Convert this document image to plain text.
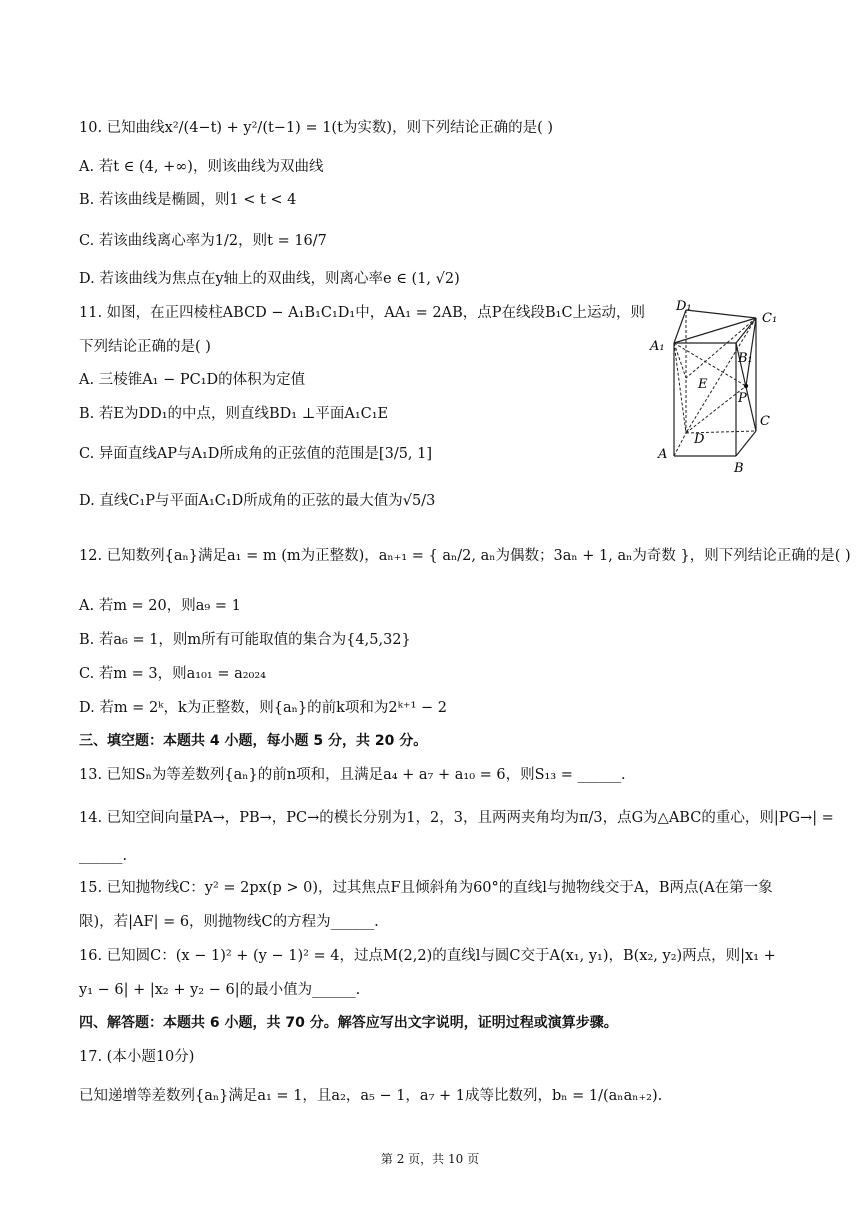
10. 已知曲线x²/(4−t) + y²/(t−1) = 1(t为实数)，则下列结论正确的是( )
A. 若t ∈ (4, +∞)，则该曲线为双曲线
B. 若该曲线是椭圆，则1 < t < 4
C. 若该曲线离心率为1/2，则t = 16/7
D. 若该曲线为焦点在y轴上的双曲线，则离心率e ∈ (1, √2)
11. 如图，在正四棱柱ABCD − A₁B₁C₁D₁中，AA₁ = 2AB，点P在线段B₁C上运动，则
下列结论正确的是( )
A. 三棱锥A₁ − PC₁D的体积为定值
B. 若E为DD₁的中点，则直线BD₁ ⊥平面A₁C₁E
C. 异面直线AP与A₁D所成角的正弦值的范围是[3/5, 1]
D. 直线C₁P与平面A₁C₁D所成角的正弦的最大值为√5/3
12. 已知数列{aₙ}满足a₁ = m (m为正整数)，aₙ₊₁ = { aₙ/2, aₙ为偶数；3aₙ + 1, aₙ为奇数 }，则下列结论正确的是( )
A. 若m = 20，则a₉ = 1
B. 若a₆ = 1，则m所有可能取值的集合为{4,5,32}
C. 若m = 3，则a₁₀₁ = a₂₀₂₄
D. 若m = 2ᵏ，k为正整数，则{aₙ}的前k项和为2ᵏ⁺¹ − 2
三、填空题：本题共 4 小题，每小题 5 分，共 20 分。
13. 已知Sₙ为等差数列{aₙ}的前n项和，且满足a₄ + a₇ + a₁₀ = 6，则S₁₃ = ______.
14. 已知空间向量PA→，PB→，PC→的模长分别为1，2，3，且两两夹角均为π/3，点G为△ABC的重心，则|PG→| =
______.
15. 已知抛物线C：y² = 2px(p > 0)，过其焦点F且倾斜角为60°的直线l与抛物线交于A，B两点(A在第一象
限)，若|AF| = 6，则抛物线C的方程为______.
16. 已知圆C：(x − 1)² + (y − 1)² = 4，过点M(2,2)的直线l与圆C交于A(x₁, y₁)，B(x₂, y₂)两点，则|x₁ +
y₁ − 6| + |x₂ + y₂ − 6|的最小值为______.
四、解答题：本题共 6 小题，共 70 分。解答应写出文字说明，证明过程或演算步骤。
17. (本小题10分)
已知递增等差数列{aₙ}满足a₁ = 1，且a₂，a₅ − 1，a₇ + 1成等比数列，bₙ = 1/(aₙaₙ₊₂).
D₁
C₁
A₁
B₁
E
P
C
D
A
B
第 2 页，共 10 页
